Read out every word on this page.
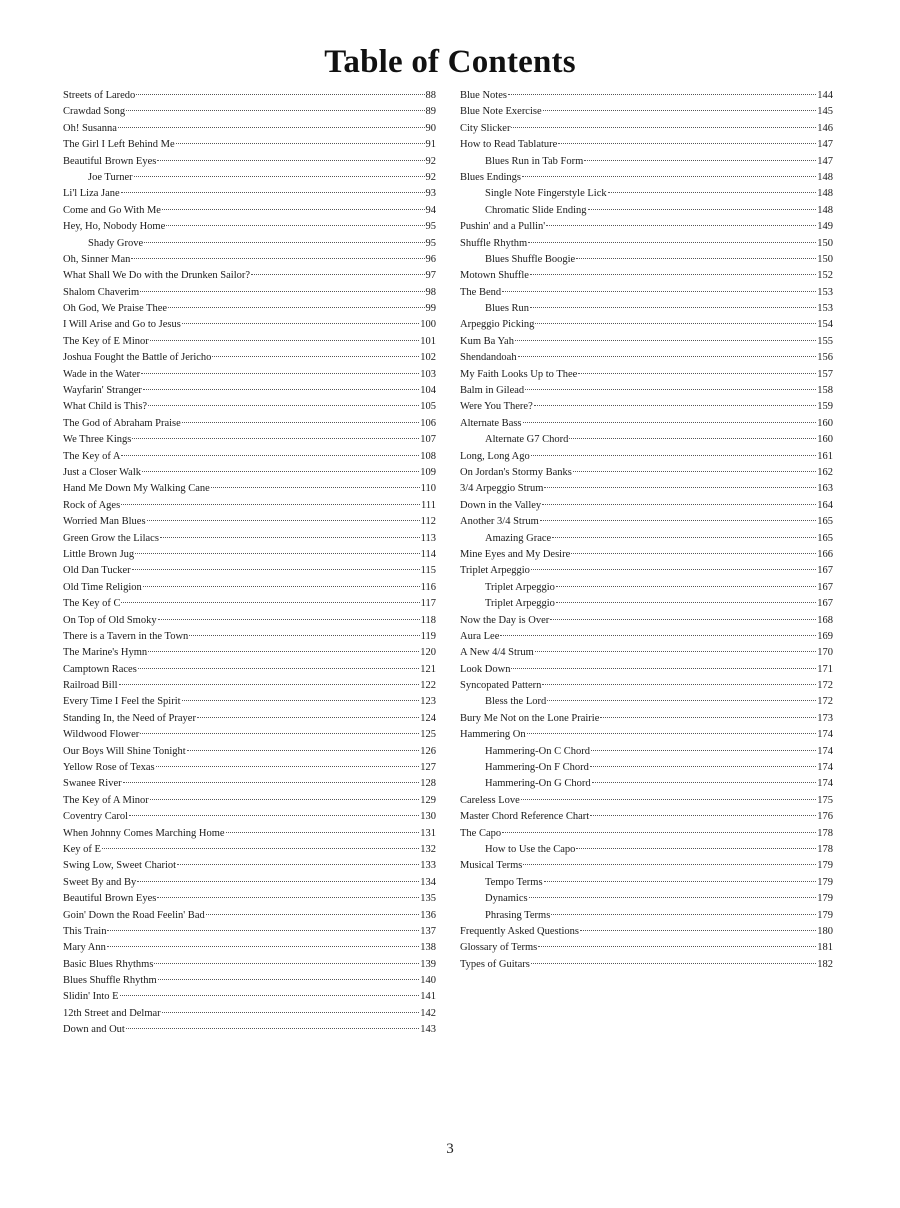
Table of Contents
Streets of Laredo	88
Crawdad Song	89
Oh! Susanna	90
The Girl I Left Behind Me	91
Beautiful Brown Eyes	92
Joe Turner	92
Li'l Liza Jane	93
Come and Go With Me	94
Hey, Ho, Nobody Home	95
Shady Grove	95
Oh, Sinner Man	96
What Shall We Do with the Drunken Sailor?	97
Shalom Chaverim	98
Oh God, We Praise Thee	99
I Will Arise and Go to Jesus	100
The Key of E Minor	101
Joshua Fought the Battle of Jericho	102
Wade in the Water	103
Wayfarin' Stranger	104
What Child is This?	105
The God of Abraham Praise	106
We Three Kings	107
The Key of A	108
Just a Closer Walk	109
Hand Me Down My Walking Cane	110
Rock of Ages	111
Worried Man Blues	112
Green Grow the Lilacs	113
Little Brown Jug	114
Old Dan Tucker	115
Old Time Religion	116
The Key of C	117
On Top of Old Smoky	118
There is a Tavern in the Town	119
The Marine's Hymn	120
Camptown Races	121
Railroad Bill	122
Every Time I Feel the Spirit	123
Standing In, the Need of Prayer	124
Wildwood Flower	125
Our Boys Will Shine Tonight	126
Yellow Rose of Texas	127
Swanee River	128
The Key of A Minor	129
Coventry Carol	130
When Johnny Comes Marching Home	131
Key of E	132
Swing Low, Sweet Chariot	133
Sweet By and By	134
Beautiful Brown Eyes	135
Goin' Down the Road Feelin' Bad	136
This Train	137
Mary Ann	138
Basic Blues Rhythms	139
Blues Shuffle Rhythm	140
Slidin' Into E	141
12th Street and Delmar	142
Down and Out	143
Blue Notes	144
Blue Note Exercise	145
City Slicker	146
How to Read Tablature	147
Blues Run in Tab Form	147
Blues Endings	148
Single Note Fingerstyle Lick	148
Chromatic Slide Ending	148
Pushin' and a Pullin'	149
Shuffle Rhythm	150
Blues Shuffle Boogie	150
Motown Shuffle	152
The Bend	153
Blues Run	153
Arpeggio Picking	154
Kum Ba Yah	155
Shendandoah	156
My Faith Looks Up to Thee	157
Balm in Gilead	158
Were You There?	159
Alternate Bass	160
Alternate G7 Chord	160
Long, Long Ago	161
On Jordan's Stormy Banks	162
3/4 Arpeggio Strum	163
Down in the Valley	164
Another 3/4 Strum	165
Amazing Grace	165
Mine Eyes and My Desire	166
Triplet Arpeggio	167
Triplet Arpeggio	167
Triplet Arpeggio	167
Now the Day is Over	168
Aura Lee	169
A New 4/4 Strum	170
Look Down	171
Syncopated Pattern	172
Bless the Lord	172
Bury Me Not on the Lone Prairie	173
Hammering On	174
Hammering-On C Chord	174
Hammering-On F Chord	174
Hammering-On G Chord	174
Careless Love	175
Master Chord Reference Chart	176
The Capo	178
How to Use the Capo	178
Musical Terms	179
Tempo Terms	179
Dynamics	179
Phrasing Terms	179
Frequently Asked Questions	180
Glossary of Terms	181
Types of Guitars	182
3
